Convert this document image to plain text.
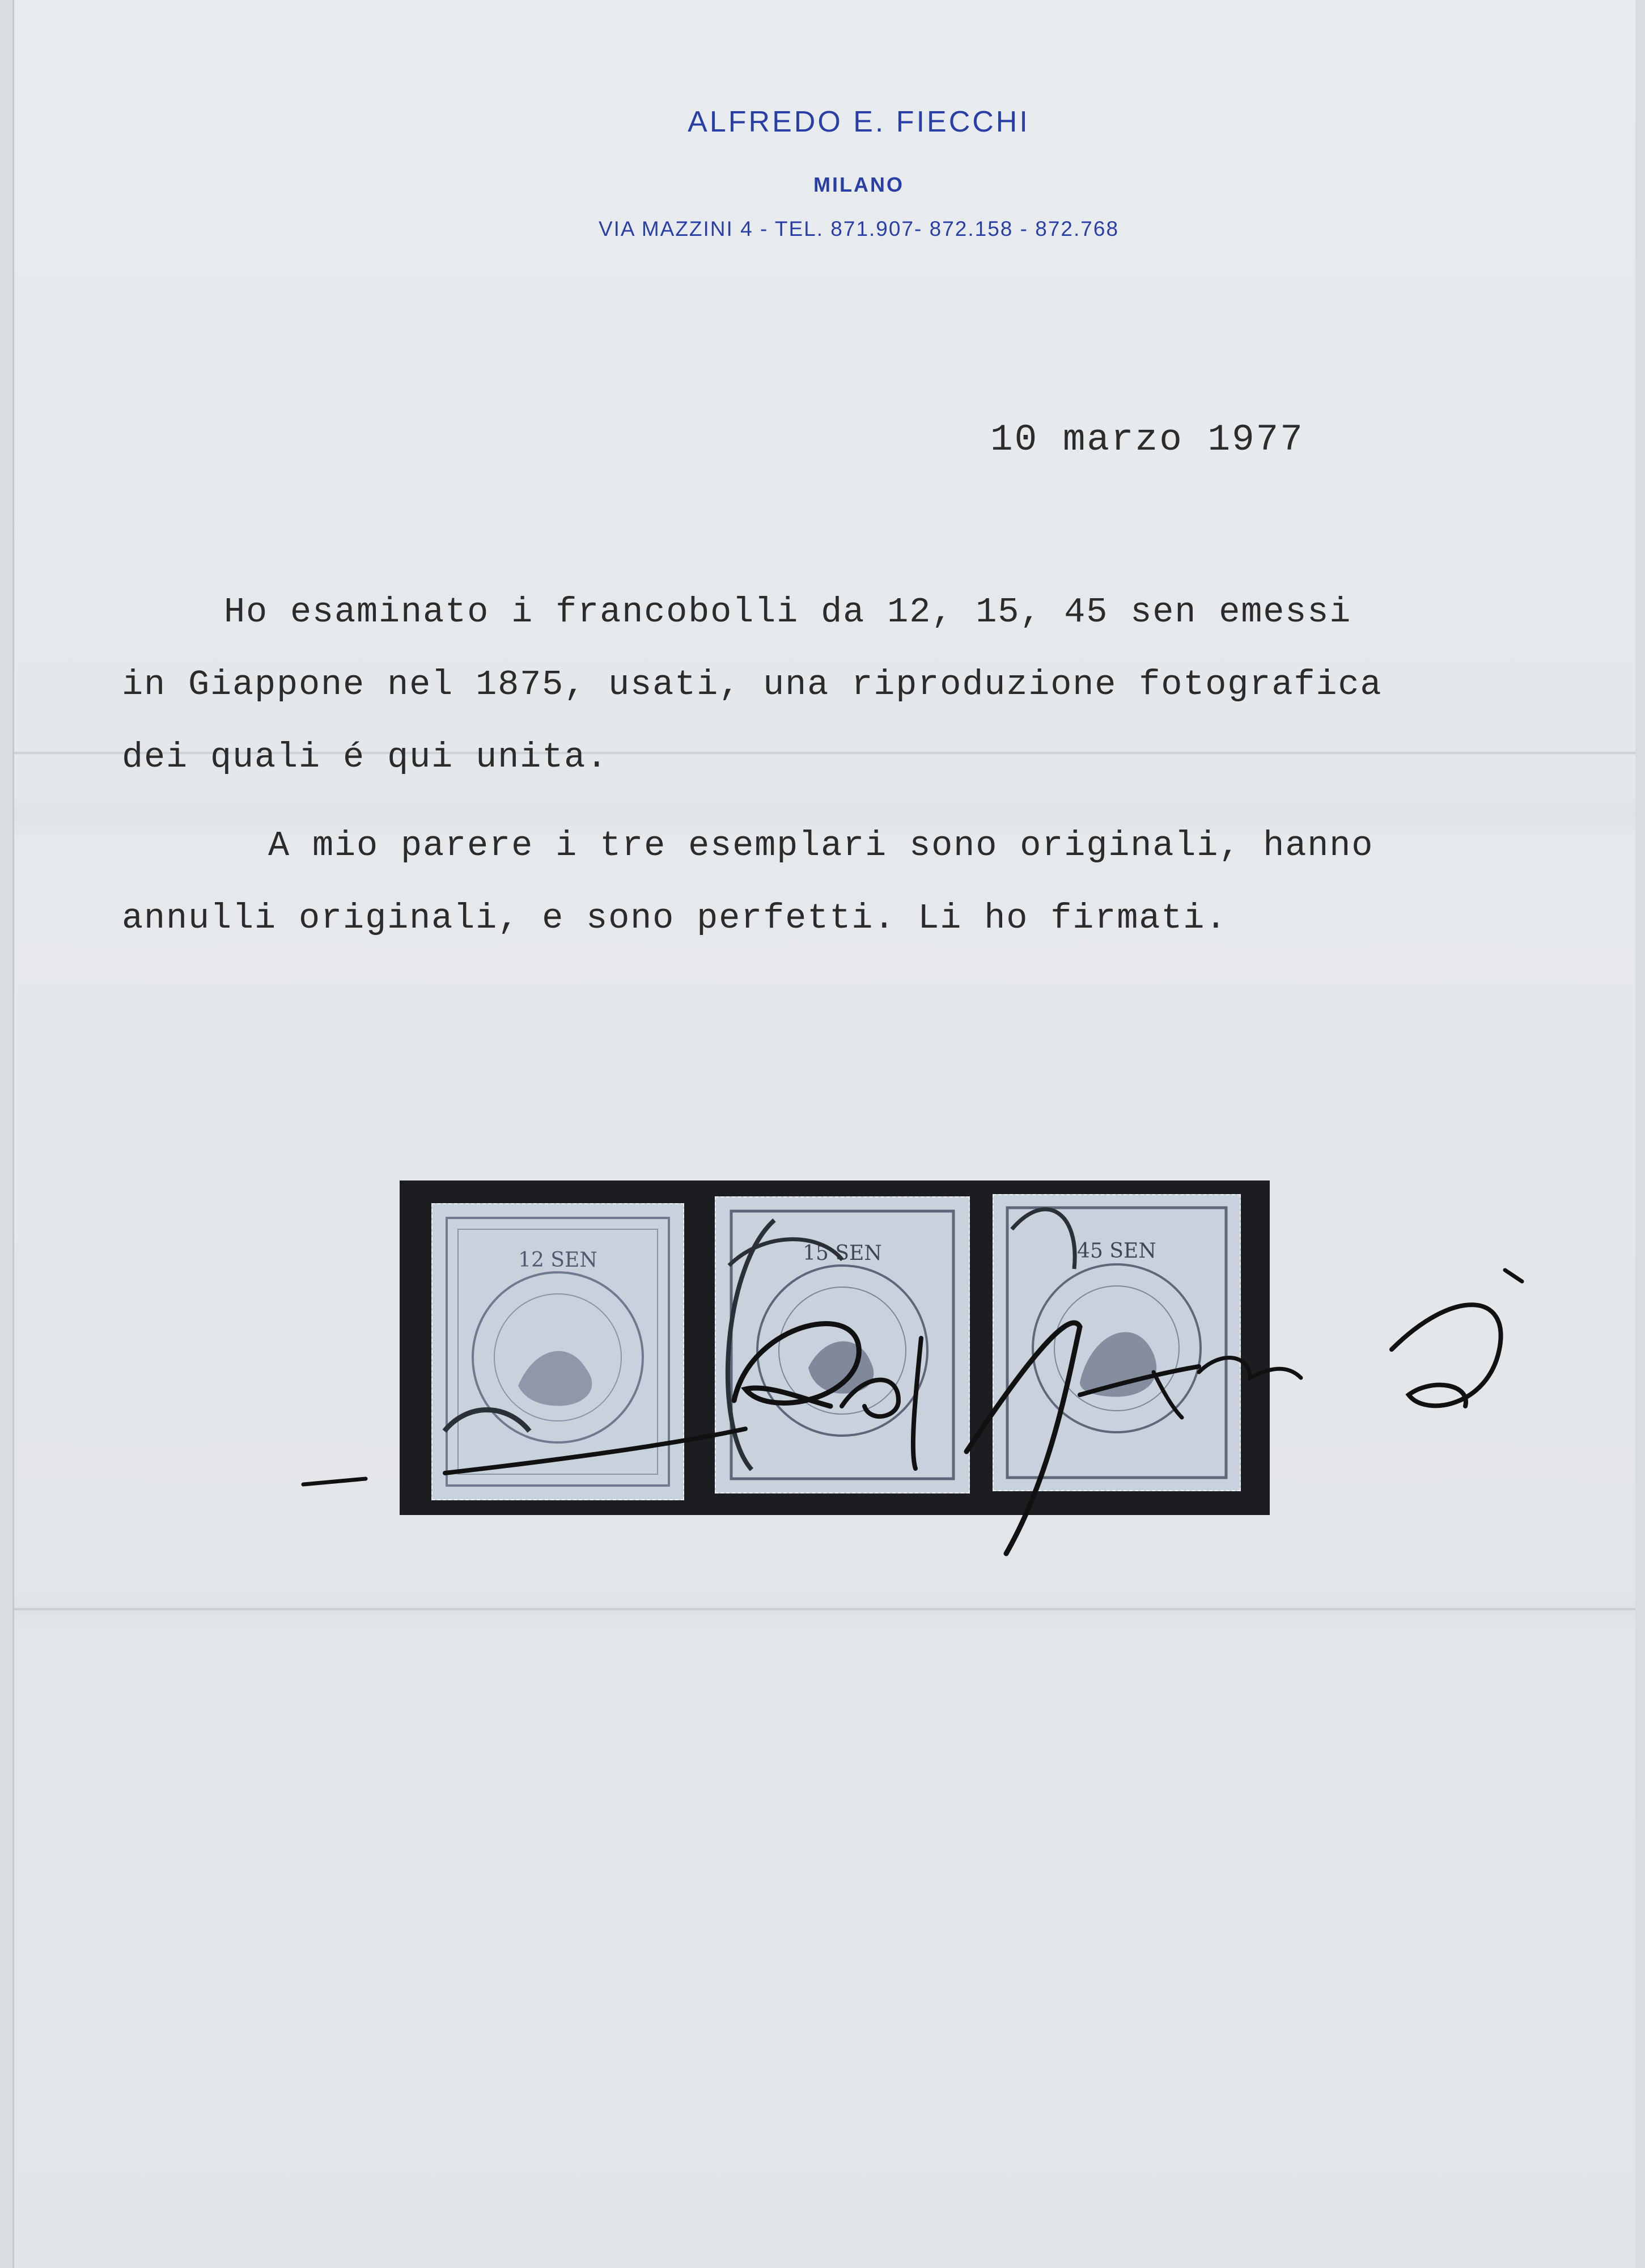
ALFREDO E. FIECCHI
MILANO
VIA MAZZINI 4 - TEL. 871.907- 872.158 - 872.768
10 marzo 1977
Ho esaminato i francobolli da 12, 15, 45 sen emessi
in Giappone nel 1875, usati, una riproduzione fotografica
dei quali é qui unita.
A mio parere i tre esemplari sono originali, hanno
annulli originali, e sono perfetti. Li ho firmati.
12 SEN	15 SEN	45 SEN
